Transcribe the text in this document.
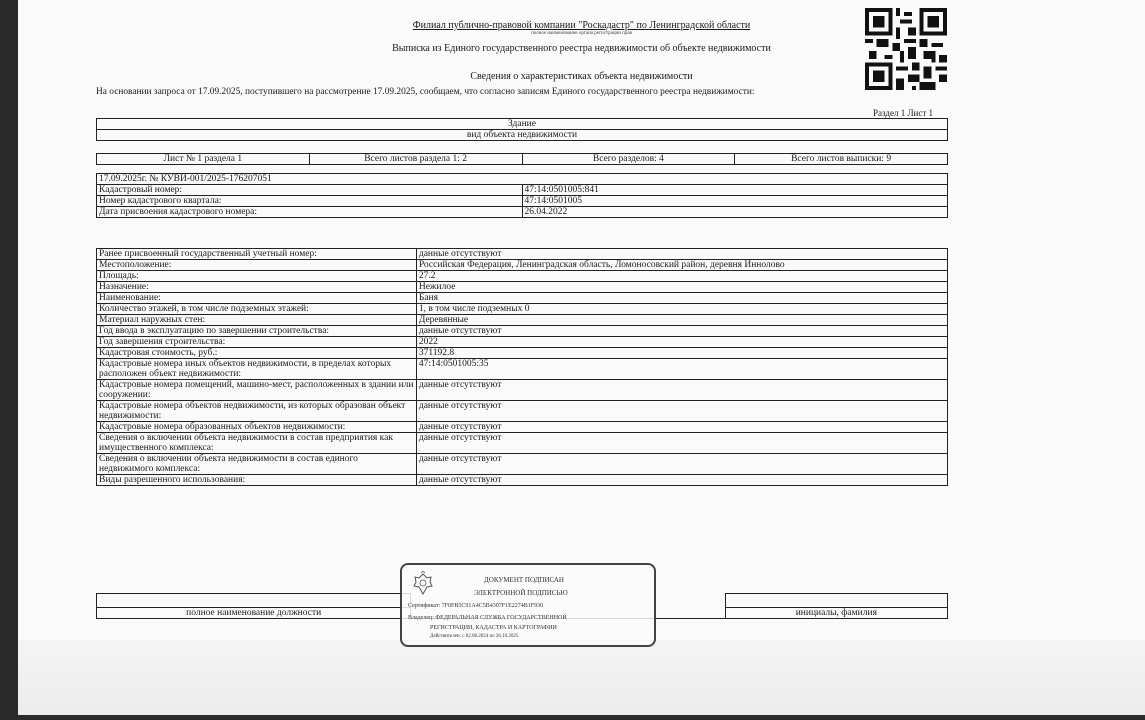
Филиал публично-правовой компании "Роскадастр" по Ленинградской области
полное наименование органа регистрации прав
Выписка из Единого государственного реестра недвижимости об объекте недвижимости
Сведения о характеристиках объекта недвижимости
На основании запроса от 17.09.2025, поступившего на рассмотрение 17.09.2025, сообщаем, что согласно записям Единого государственного реестра недвижимости:
Раздел 1 Лист 1
Здание
вид объекта недвижимости
Лист № 1 раздела 1	Всего листов раздела 1: 2	Всего разделов: 4	Всего листов выписки: 9
17.09.2025г. № КУВИ-001/2025-176207051	
Кадастровый номер:	47:14:0501005:841
Номер кадастрового квартала:	47:14:0501005
Дата присвоения кадастрового номера:	26.04.2022
Ранее присвоенный государственный учетный номер:	данные отсутствуют
Местоположение:	Российская Федерация, Ленинградская область, Ломоносовский район, деревня Иннолово
Площадь:	27.2
Назначение:	Нежилое
Наименование:	Баня
Количество этажей, в том числе подземных этажей:	1, в том числе подземных 0
Материал наружных стен:	Деревянные
Год ввода в эксплуатацию по завершении строительства:	данные отсутствуют
Год завершения строительства:	2022
Кадастровая стоимость, руб.:	371192.8
Кадастровые номера иных объектов недвижимости, в пределах которых расположен объект недвижимости:	47:14:0501005:35
Кадастровые номера помещений, машино-мест, расположенных в здании или сооружении:	данные отсутствуют
Кадастровые номера объектов недвижимости, из которых образован объект недвижимости:	данные отсутствуют
Кадастровые номера образованных объектов недвижимости:	данные отсутствуют
Сведения о включении объекта недвижимости в состав предприятия как имущественного комплекса:	данные отсутствуют
Сведения о включении объекта недвижимости в состав единого недвижимого комплекса:	данные отсутствуют
Виды разрешенного использования:	данные отсутствуют

полное наименование должности		инициалы, фамилия
ДОКУМЕНТ ПОДПИСАН
ЭЛЕКТРОННОЙ ПОДПИСЬЮ
Сертификат: 7F0FB5C91A4C5B4307F1E2274B1F930
Владелец: ФЕДЕРАЛЬНАЯ СЛУЖБА ГОСУДАРСТВЕННОЙ
РЕГИСТРАЦИИ, КАДАСТРА И КАРТОГРАФИИ
Действителен: с 02.08.2024 по 26.10.2025
